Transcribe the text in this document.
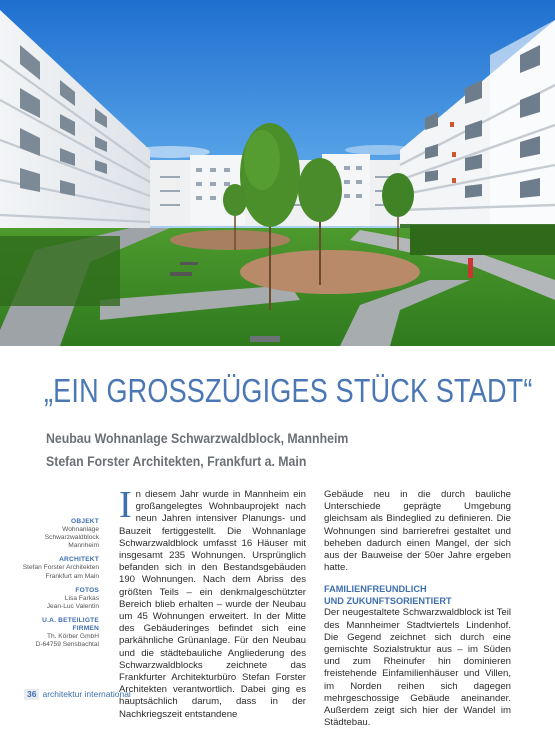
„EIN GROSSZÜGIGES STÜCK STADT“
Neubau Wohnanlage Schwarzwaldblock, Mannheim
Stefan Forster Architekten, Frankfurt a. Main
OBJEKT
Wohnanlage
Schwarzwaldblock
Mannheim
ARCHITEKT
Stefan Forster Architekten
Frankfurt am Main
FOTOS
Lisa Farkas
Jean-Luc Valentin
U.A. BETEILIGTE FIRMEN
Th. Körber GmbH
D-64759 Sensbachtal
In diesem Jahr wurde in Mannheim ein großangelegtes Wohnbauprojekt nach neun Jahren intensiver Planungs- und Bauzeit fertiggestellt. Die Wohnanlage Schwarzwaldblock umfasst 16 Häuser mit insgesamt 235 Wohnungen. Ursprünglich befanden sich in den Bestandsgebäuden 190 Wohnungen. Nach dem Abriss des größten Teils – ein denkmalgeschützter Bereich blieb erhalten – wurde der Neubau um 45 Wohnungen erweitert. In der Mitte des Gebäuderinges befindet sich eine parkähnliche Grünanlage. Für den Neubau und die städtebauliche Angliederung des Schwarzwaldblocks zeichnete das Frankfurter Architekturbüro Stefan Forster Architekten verantwortlich. Dabei ging es hauptsächlich darum, dass in der Nachkriegszeit entstandene
Gebäude neu in die durch bauliche Unterschiede geprägte Umgebung gleichsam als Bindeglied zu definieren. Die Wohnungen sind barrierefrei gestaltet und beheben dadurch einen Mangel, der sich aus der Bauweise der 50er Jahre ergeben hatte.
FAMILIENFREUNDLICH
UND ZUKUNFTSORIENTIERT
Der neugestaltete Schwarzwaldblock ist Teil des Mannheimer Stadtviertels Lindenhof. Die Gegend zeichnet sich durch eine gemischte Sozialstruktur aus – im Süden und zum Rheinufer hin dominieren freistehende Einfamilienhäuser und Villen, im Norden reihen sich dagegen mehrgeschossige Gebäude aneinander. Außerdem zeigt sich hier der Wandel im Städtebau.
36 architektur international
